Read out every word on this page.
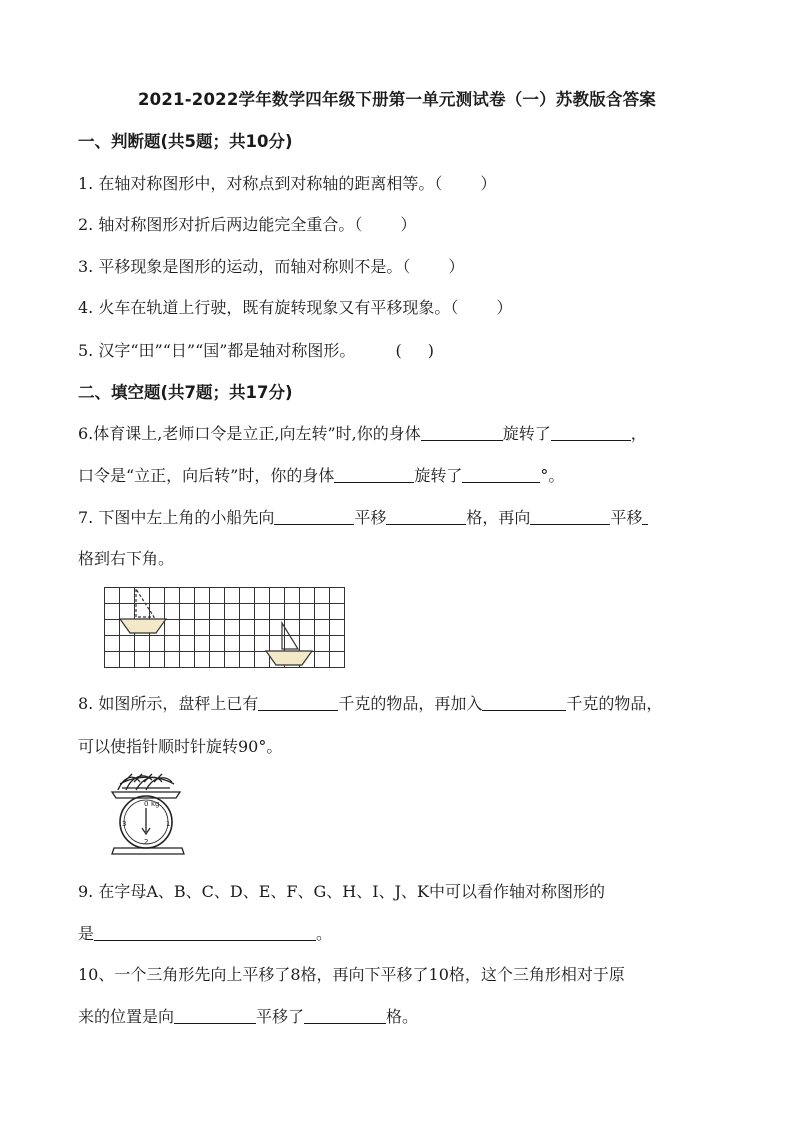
2021-2022学年数学四年级下册第一单元测试卷（一）苏教版含答案
一、判断题(共5题；共10分)
1. 在轴对称图形中，对称点到对称轴的距离相等。（ ）
2. 轴对称图形对折后两边能完全重合。（ ）
3. 平移现象是图形的运动，而轴对称则不是。（ ）
4. 火车在轨道上行驶，既有旋转现象又有平移现象。（ ）
5. 汉字“田”“日”“国”都是轴对称图形。	( )
二、填空题(共7题；共17分)
6.体育课上,老师口令是立正,向左转”时,你的身体	旋转了	，
口令是“立正，向后转”时，你的身体	旋转了	°。
7. 下图中左上角的小船先向	平移	格，再向	平移
格到右下角。
8. 如图所示，盘秤上已有	千克的物品，再加入	千克的物品，
可以使指针顺时针旋转90°。
0 kg
1
2
3
9. 在字母A、B、C、D、E、F、G、H、I、J、K中可以看作轴对称图形的
是	。
10、一个三角形先向上平移了8格，再向下平移了10格，这个三角形相对于原
来的位置是向	平移了	格。
